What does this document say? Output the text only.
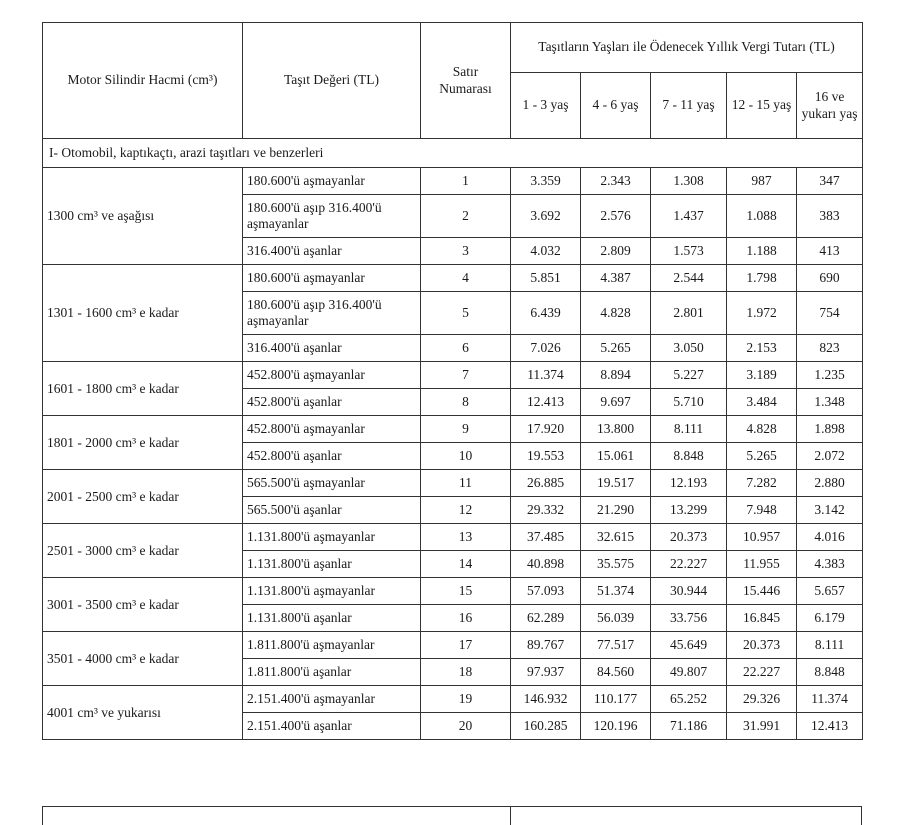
Motor Silindir Hacmi (cm³)	Taşıt Değeri (TL)	Satır Numarası	Taşıtların Yaşları ile Ödenecek Yıllık Vergi Tutarı (TL)				
			1 - 3 yaş	4 - 6 yaş	7 - 11 yaş	12 - 15 yaş	16 ve yukarı yaş
I- Otomobil, kaptıkaçtı, arazi taşıtları ve benzerleri							
1300 cm³ ve aşağısı	180.600'ü aşmayanlar	1	3.359	2.343	1.308	987	347
	180.600'ü aşıp 316.400'ü aşmayanlar	2	3.692	2.576	1.437	1.088	383
	316.400'ü aşanlar	3	4.032	2.809	1.573	1.188	413
1301 - 1600 cm³ e kadar	180.600'ü aşmayanlar	4	5.851	4.387	2.544	1.798	690
	180.600'ü aşıp 316.400'ü aşmayanlar	5	6.439	4.828	2.801	1.972	754
	316.400'ü aşanlar	6	7.026	5.265	3.050	2.153	823
1601 - 1800 cm³ e kadar	452.800'ü aşmayanlar	7	11.374	8.894	5.227	3.189	1.235
	452.800'ü aşanlar	8	12.413	9.697	5.710	3.484	1.348
1801 - 2000 cm³ e kadar	452.800'ü aşmayanlar	9	17.920	13.800	8.111	4.828	1.898
	452.800'ü aşanlar	10	19.553	15.061	8.848	5.265	2.072
2001 - 2500 cm³ e kadar	565.500'ü aşmayanlar	11	26.885	19.517	12.193	7.282	2.880
	565.500'ü aşanlar	12	29.332	21.290	13.299	7.948	3.142
2501 - 3000 cm³ e kadar	1.131.800'ü aşmayanlar	13	37.485	32.615	20.373	10.957	4.016
	1.131.800'ü aşanlar	14	40.898	35.575	22.227	11.955	4.383
3001 - 3500 cm³ e kadar	1.131.800'ü aşmayanlar	15	57.093	51.374	30.944	15.446	5.657
	1.131.800'ü aşanlar	16	62.289	56.039	33.756	16.845	6.179
3501 - 4000 cm³ e kadar	1.811.800'ü aşmayanlar	17	89.767	77.517	45.649	20.373	8.111
	1.811.800'ü aşanlar	18	97.937	84.560	49.807	22.227	8.848
4001 cm³ ve yukarısı	2.151.400'ü aşmayanlar	19	146.932	110.177	65.252	29.326	11.374
	2.151.400'ü aşanlar	20	160.285	120.196	71.186	31.991	12.413
